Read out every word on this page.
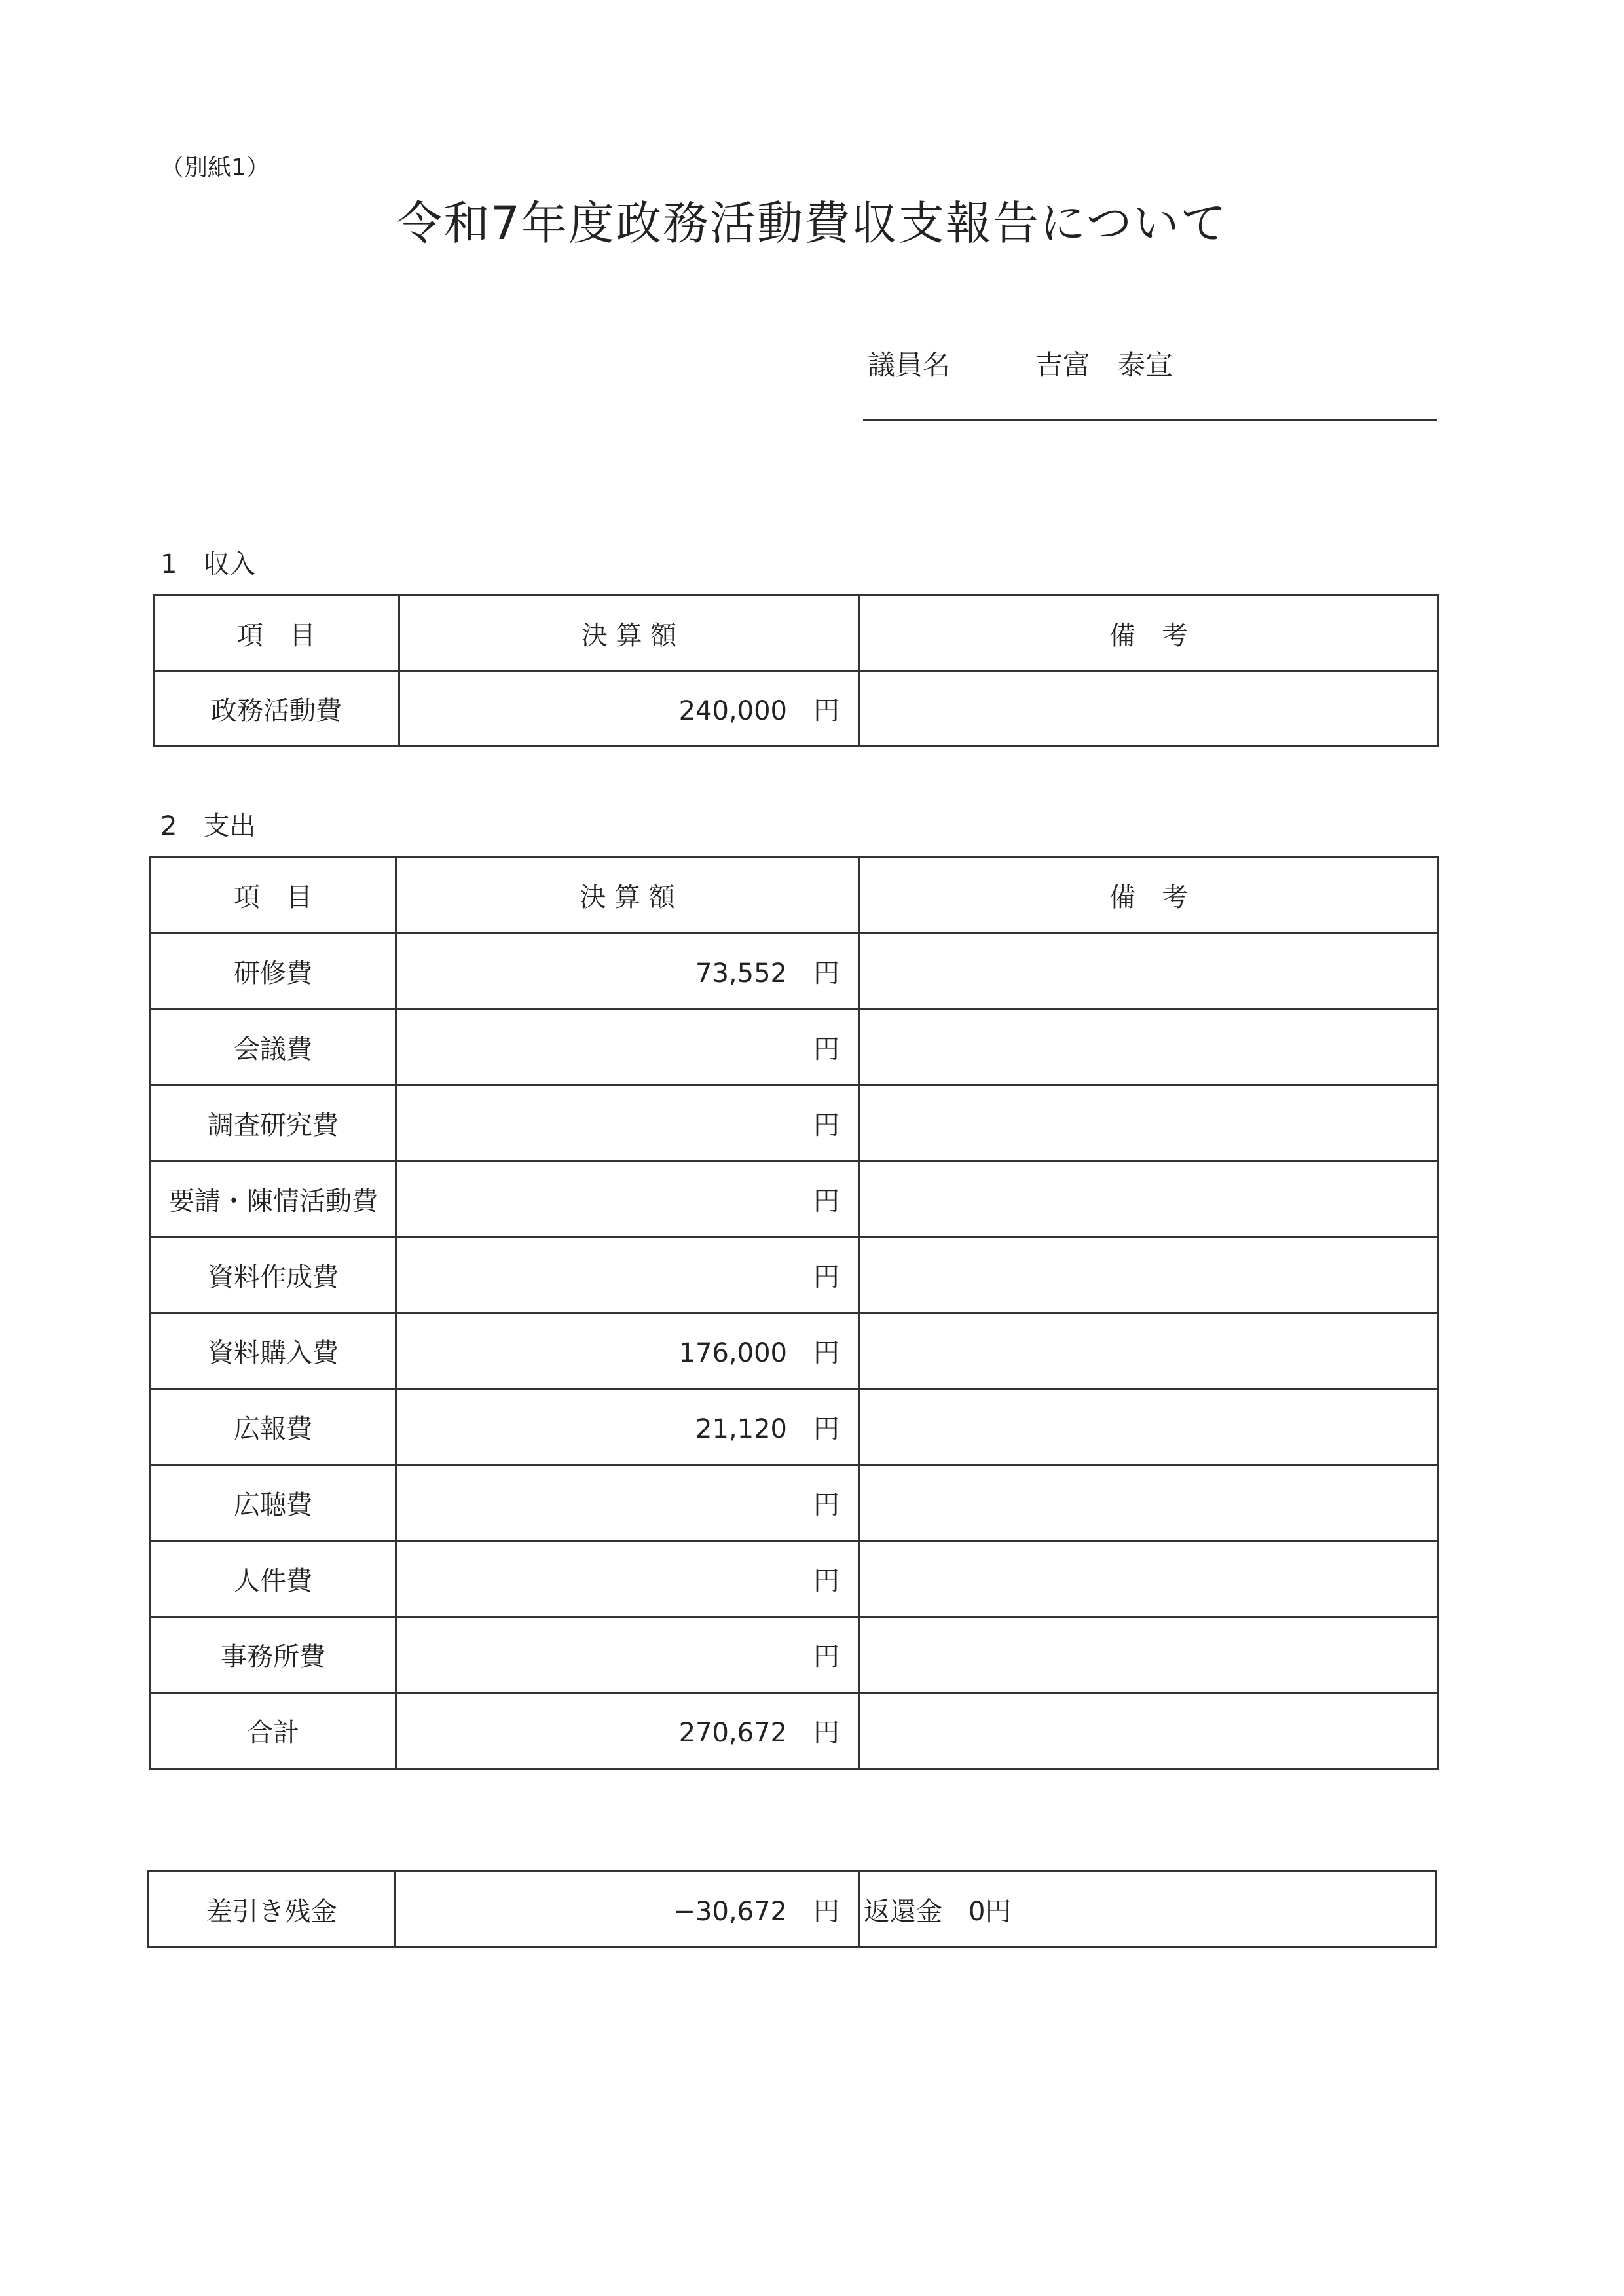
（別紙1）
令和7年度政務活動費収支報告について
議員名	吉富　泰宣
1　収入
項　目	決 算 額	備　考
政務活動費	240,000 円	
2　支出
項　目	決 算 額	備　考
研修費	73,552 円	
会議費	円	
調査研究費	円	
要請・陳情活動費	円	
資料作成費	円	
資料購入費	176,000 円	
広報費	21,120 円	
広聴費	円	
人件費	円	
事務所費	円	
合計	270,672 円	
差引き残金	−30,672 円	返還金　0円
